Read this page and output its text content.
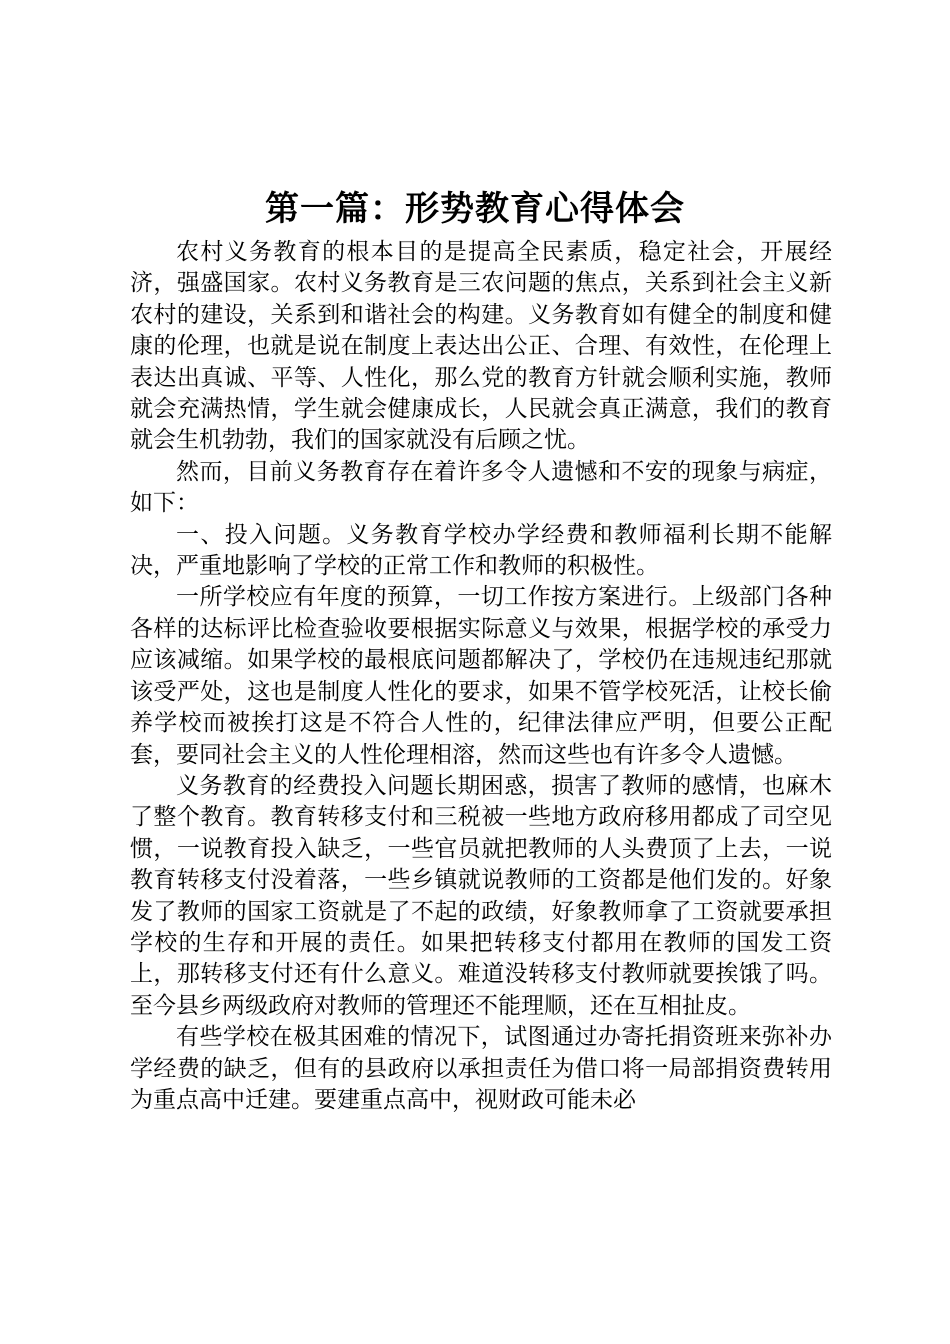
第一篇：形势教育心得体会

农村义务教育的根本目的是提高全民素质，稳定社会，开展经济，强盛国家。农村义务教育是三农问题的焦点，关系到社会主义新农村的建设，关系到和谐社会的构建。义务教育如有健全的制度和健康的伦理，也就是说在制度上表达出公正、合理、有效性，在伦理上表达出真诚、平等、人性化，那么党的教育方针就会顺利实施，教师就会充满热情，学生就会健康成长，人民就会真正满意，我们的教育就会生机勃勃，我们的国家就没有后顾之忧。

然而，目前义务教育存在着许多令人遗憾和不安的现象与病症，如下：

一、投入问题。义务教育学校办学经费和教师福利长期不能解决，严重地影响了学校的正常工作和教师的积极性。

一所学校应有年度的预算，一切工作按方案进行。上级部门各种各样的达标评比检查验收要根据实际意义与效果，根据学校的承受力应该减缩。如果学校的最根底问题都解决了，学校仍在违规违纪那就该受严处，这也是制度人性化的要求，如果不管学校死活，让校长偷养学校而被挨打这是不符合人性的，纪律法律应严明，但要公正配套，要同社会主义的人性伦理相溶，然而这些也有许多令人遗憾。

义务教育的经费投入问题长期困惑，损害了教师的感情，也麻木了整个教育。教育转移支付和三税被一些地方政府移用都成了司空见惯，一说教育投入缺乏，一些官员就把教师的人头费顶了上去，一说教育转移支付没着落，一些乡镇就说教师的工资都是他们发的。好象发了教师的国家工资就是了不起的政绩，好象教师拿了工资就要承担学校的生存和开展的责任。如果把转移支付都用在教师的国发工资上，那转移支付还有什么意义。难道没转移支付教师就要挨饿了吗。至今县乡两级政府对教师的管理还不能理顺，还在互相扯皮。

有些学校在极其困难的情况下，试图通过办寄托捐资班来弥补办学经费的缺乏，但有的县政府以承担责任为借口将一局部捐资费转用为重点高中迁建。要建重点高中，视财政可能未必
